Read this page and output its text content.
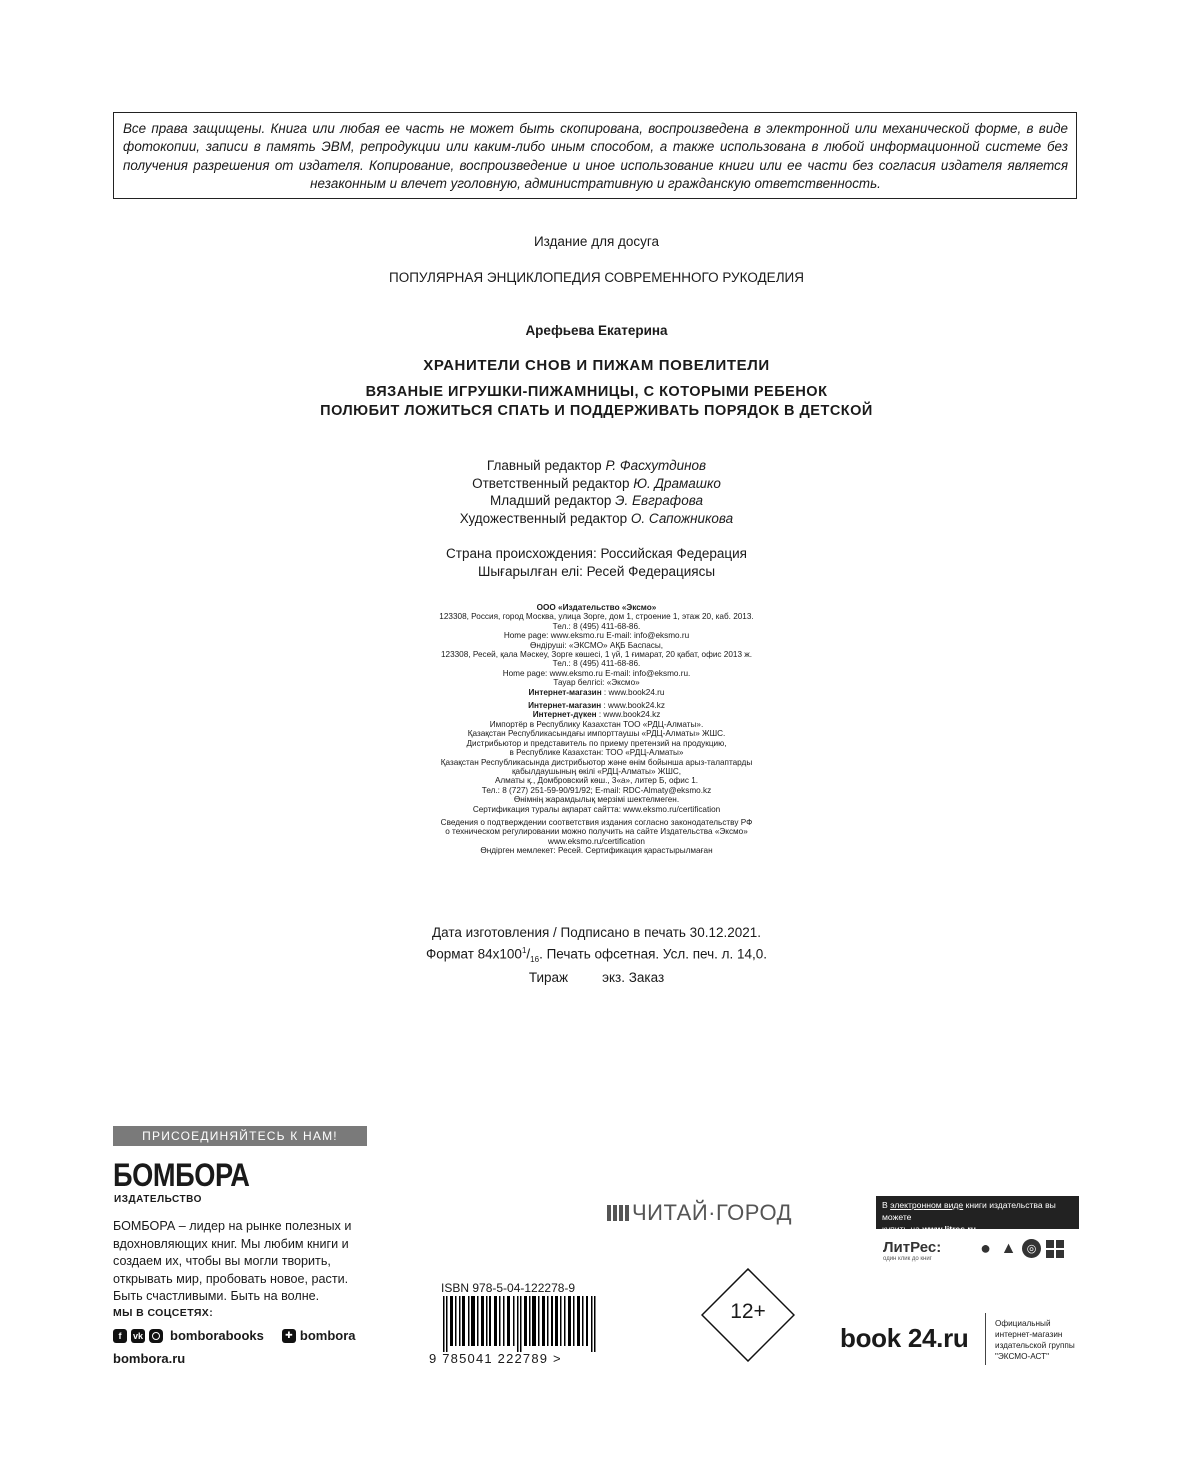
Все права защищены. Книга или любая ее часть не может быть скопирована, воспроизведена в электронной или механической форме, в виде фотокопии, записи в память ЭВМ, репродукции или каким-либо иным способом, а также использована в любой информационной системе без получения разрешения от издателя. Копирование, воспроизведение и иное использование книги или ее части без согласия издателя является незаконным и влечет уголовную, административную и гражданскую ответственность.
Издание для досуга
ПОПУЛЯРНАЯ ЭНЦИКЛОПЕДИЯ СОВРЕМЕННОГО РУКОДЕЛИЯ
Арефьева Екатерина
ХРАНИТЕЛИ СНОВ И ПИЖАМ ПОВЕЛИТЕЛИ
ВЯЗАНЫЕ ИГРУШКИ-ПИЖАМНИЦЫ, С КОТОРЫМИ РЕБЕНОК
ПОЛЮБИТ ЛОЖИТЬСЯ СПАТЬ И ПОДДЕРЖИВАТЬ ПОРЯДОК В ДЕТСКОЙ
Главный редактор Р. Фасхутдинов
Ответственный редактор Ю. Драмашко
Младший редактор Э. Евграфова
Художественный редактор О. Сапожникова
Страна происхождения: Российская Федерация
Шығарылған елі: Ресей Федерациясы
ООО «Издательство «Эксмо»
123308, Россия, город Москва, улица Зорге, дом 1, строение 1, этаж 20, каб. 2013.
Тел.: 8 (495) 411-68-86.
Home page: www.eksmo.ru E-mail: info@eksmo.ru
Өндіруші: «ЭКСМО» АҚБ Баспасы,
123308, Ресей, қала Мәскеу, Зорге көшесі, 1 үй, 1 ғимарат, 20 қабат, офис 2013 ж.
Тел.: 8 (495) 411-68-86.
Home page: www.eksmo.ru E-mail: info@eksmo.ru.
Тауар белгісі: «Эксмо»
Интернет-магазин : www.book24.ru
Интернет-магазин : www.book24.kz
Интернет-дүкен : www.book24.kz
Импортёр в Республику Казахстан ТОО «РДЦ-Алматы».
Қазақстан Республикасындағы импорттаушы «РДЦ-Алматы» ЖШС.
Дистрибьютор и представитель по приему претензий на продукцию,
в Республике Казахстан: ТОО «РДЦ-Алматы»
Қазақстан Республикасында дистрибьютор және өнім бойынша арыз-талаптарды
қабылдаушының өкілі «РДЦ-Алматы» ЖШС,
Алматы қ., Домбровский көш., 3«а», литер Б, офис 1.
Тел.: 8 (727) 251-59-90/91/92; E-mail: RDC-Almaty@eksmo.kz
Өнімнің жарамдылық мерзімі шектелмеген.
Сертификация туралы ақпарат сайтта: www.eksmo.ru/certification
Сведения о подтверждении соответствия издания согласно законодательству РФ
о техническом регулировании можно получить на сайте Издательства «Эксмо»
www.eksmo.ru/certification
Өндірген мемлекет: Ресей. Сертификация қарастырылмаған
Дата изготовления / Подписано в печать 30.12.2021.
Формат $84x100^1/_{16}$. Печать офсетная. Усл. печ. л. 14,0.
Тираж	экз. Заказ
ПРИСОЕДИНЯЙТЕСЬ К НАМ!
БОМБОРА
ИЗДАТЕЛЬСТВО
БОМБОРА – лидер на рынке полезных и вдохновляющих книг. Мы любим книги и создаем их, чтобы вы могли творить, открывать мир, пробовать новое, расти. Быть счастливыми. Быть на волне.
МЫ В СОЦСЕТЯХ:
f	vk bomborabooks	✚ bombora
bombora.ru
ISBN 978-5-04-122278-9
9 785041 222789 >
ЧИТАЙ·ГОРОД
12+
В электронном виде книги издательства вы можете
купить на www.litres.ru
ЛитРес:
один клик до книг
● ▲ ◎
book 24.ru	Официальный
интернет-магазин
издательской группы
"ЭКСМО-АСТ"
